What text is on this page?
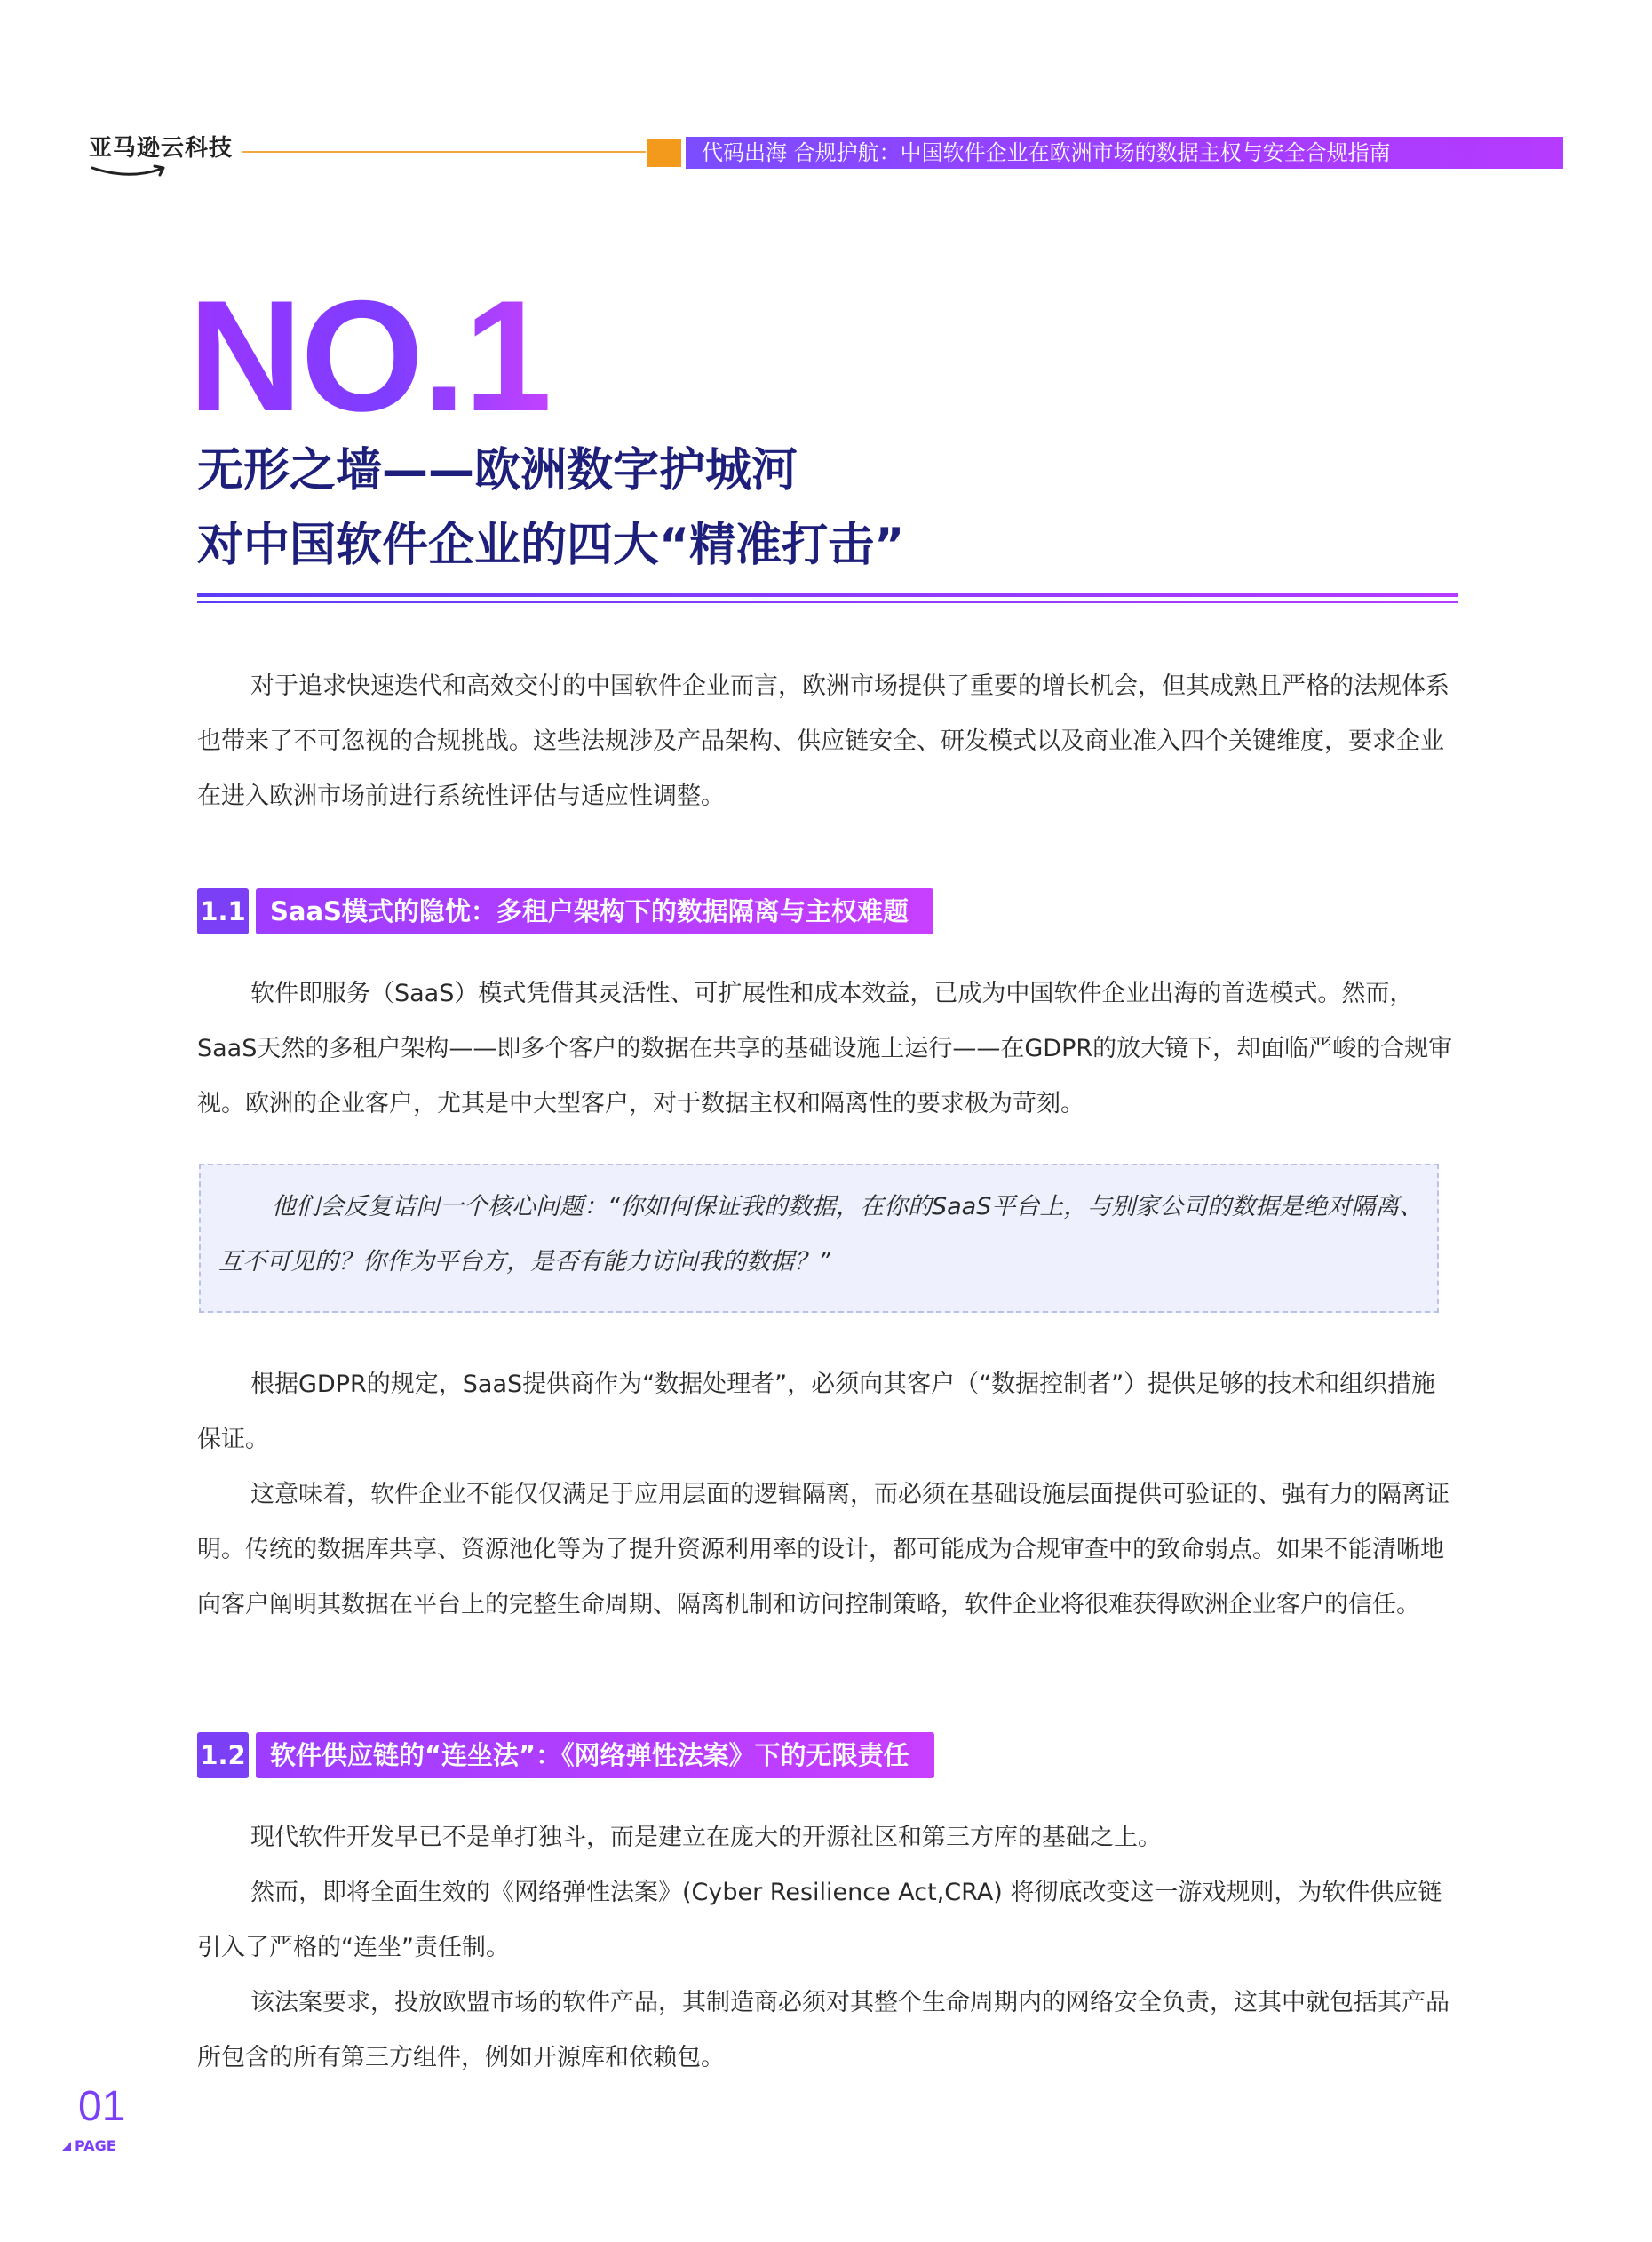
亚马逊云科技	代码出海 合规护航：中国软件企业在欧洲市场的数据主权与安全合规指南
NO.1
无形之墙——欧洲数字护城河
对中国软件企业的四大“精准打击”

对于追求快速迭代和高效交付的中国软件企业而言，欧洲市场提供了重要的增长机会，但其成熟且严格的法规体系也带来了不可忽视的合规挑战。这些法规涉及产品架构、供应链安全、研发模式以及商业准入四个关键维度，要求企业在进入欧洲市场前进行系统性评估与适应性调整。

1.1 SaaS模式的隐忧：多租户架构下的数据隔离与主权难题

软件即服务（SaaS）模式凭借其灵活性、可扩展性和成本效益，已成为中国软件企业出海的首选模式。然而，SaaS天然的多租户架构——即多个客户的数据在共享的基础设施上运行——在GDPR的放大镜下，却面临严峻的合规审视。欧洲的企业客户，尤其是中大型客户，对于数据主权和隔离性的要求极为苛刻。

他们会反复诘问一个核心问题：“你如何保证我的数据，在你的SaaS平台上，与别家公司的数据是绝对隔离、互不可见的？你作为平台方，是否有能力访问我的数据？”

根据GDPR的规定，SaaS提供商作为“数据处理者”，必须向其客户（“数据控制者”）提供足够的技术和组织措施保证。

这意味着，软件企业不能仅仅满足于应用层面的逻辑隔离，而必须在基础设施层面提供可验证的、强有力的隔离证明。传统的数据库共享、资源池化等为了提升资源利用率的设计，都可能成为合规审查中的致命弱点。如果不能清晰地向客户阐明其数据在平台上的完整生命周期、隔离机制和访问控制策略，软件企业将很难获得欧洲企业客户的信任。

1.2 软件供应链的“连坐法”：《网络弹性法案》下的无限责任

现代软件开发早已不是单打独斗，而是建立在庞大的开源社区和第三方库的基础之上。

然而，即将全面生效的《网络弹性法案》(Cyber Resilience Act,CRA) 将彻底改变这一游戏规则，为软件供应链引入了严格的“连坐”责任制。

该法案要求，投放欧盟市场的软件产品，其制造商必须对其整个生命周期内的网络安全负责，这其中就包括其产品所包含的所有第三方组件，例如开源库和依赖包。

01
PAGE
